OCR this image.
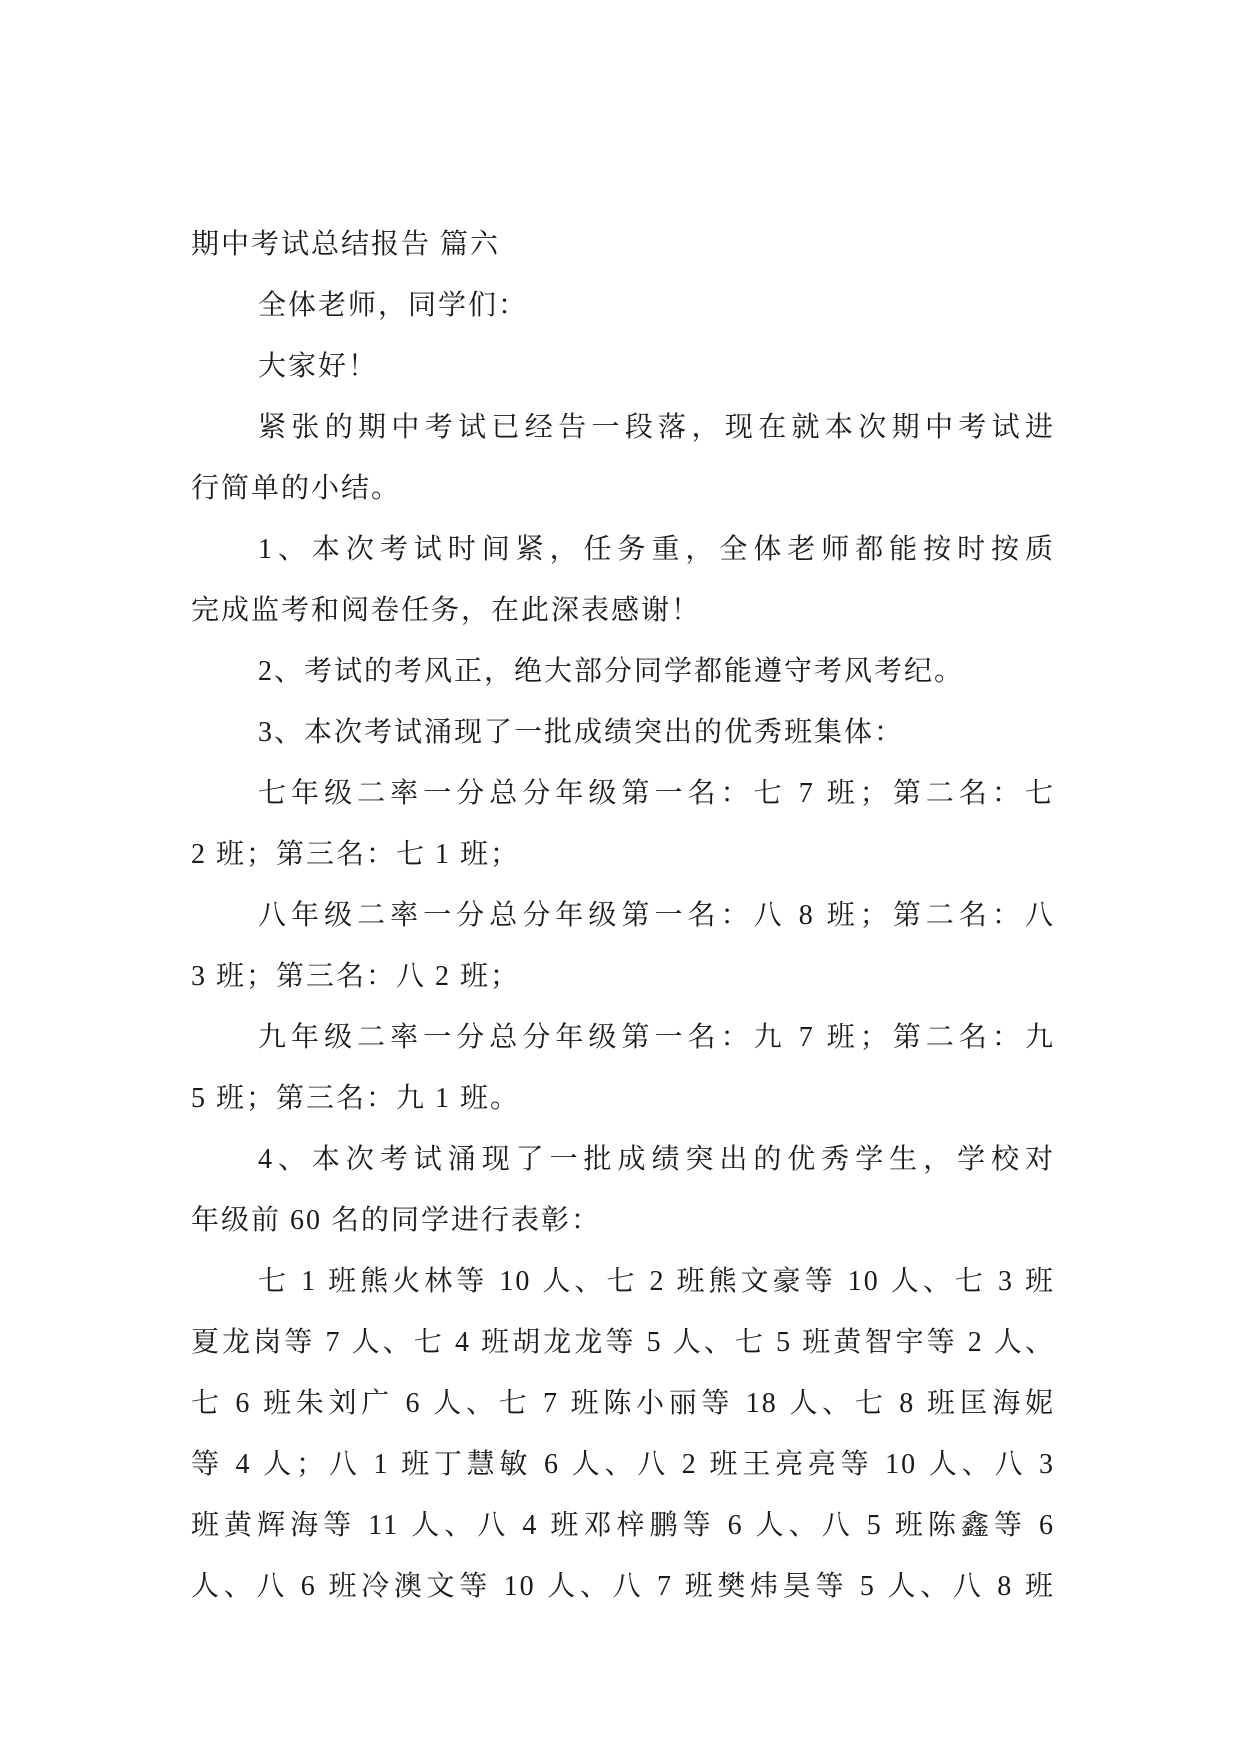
期中考试总结报告 篇六
全体老师，同学们：
大家好！
紧张的期中考试已经告一段落，现在就本次期中考试进
行简单的小结。
1、本次考试时间紧，任务重，全体老师都能按时按质
完成监考和阅卷任务，在此深表感谢！
2、考试的考风正，绝大部分同学都能遵守考风考纪。
3、本次考试涌现了一批成绩突出的优秀班集体：
七年级二率一分总分年级第一名：七 7 班；第二名：七
2 班；第三名：七 1 班；
八年级二率一分总分年级第一名：八 8 班；第二名：八
3 班；第三名：八 2 班；
九年级二率一分总分年级第一名：九 7 班；第二名：九
5 班；第三名：九 1 班。
4、本次考试涌现了一批成绩突出的优秀学生，学校对
年级前 60 名的同学进行表彰：
七 1 班熊火林等 10 人、七 2 班熊文豪等 10 人、七 3 班
夏龙岗等 7 人、七 4 班胡龙龙等 5 人、七 5 班黄智宇等 2 人、
七 6 班朱刘广 6 人、七 7 班陈小丽等 18 人、七 8 班匡海妮
等 4 人；八 1 班丁慧敏 6 人、八 2 班王亮亮等 10 人、八 3
班黄辉海等 11 人、八 4 班邓梓鹏等 6 人、八 5 班陈鑫等 6
人、八 6 班冷澳文等 10 人、八 7 班樊炜昊等 5 人、八 8 班
